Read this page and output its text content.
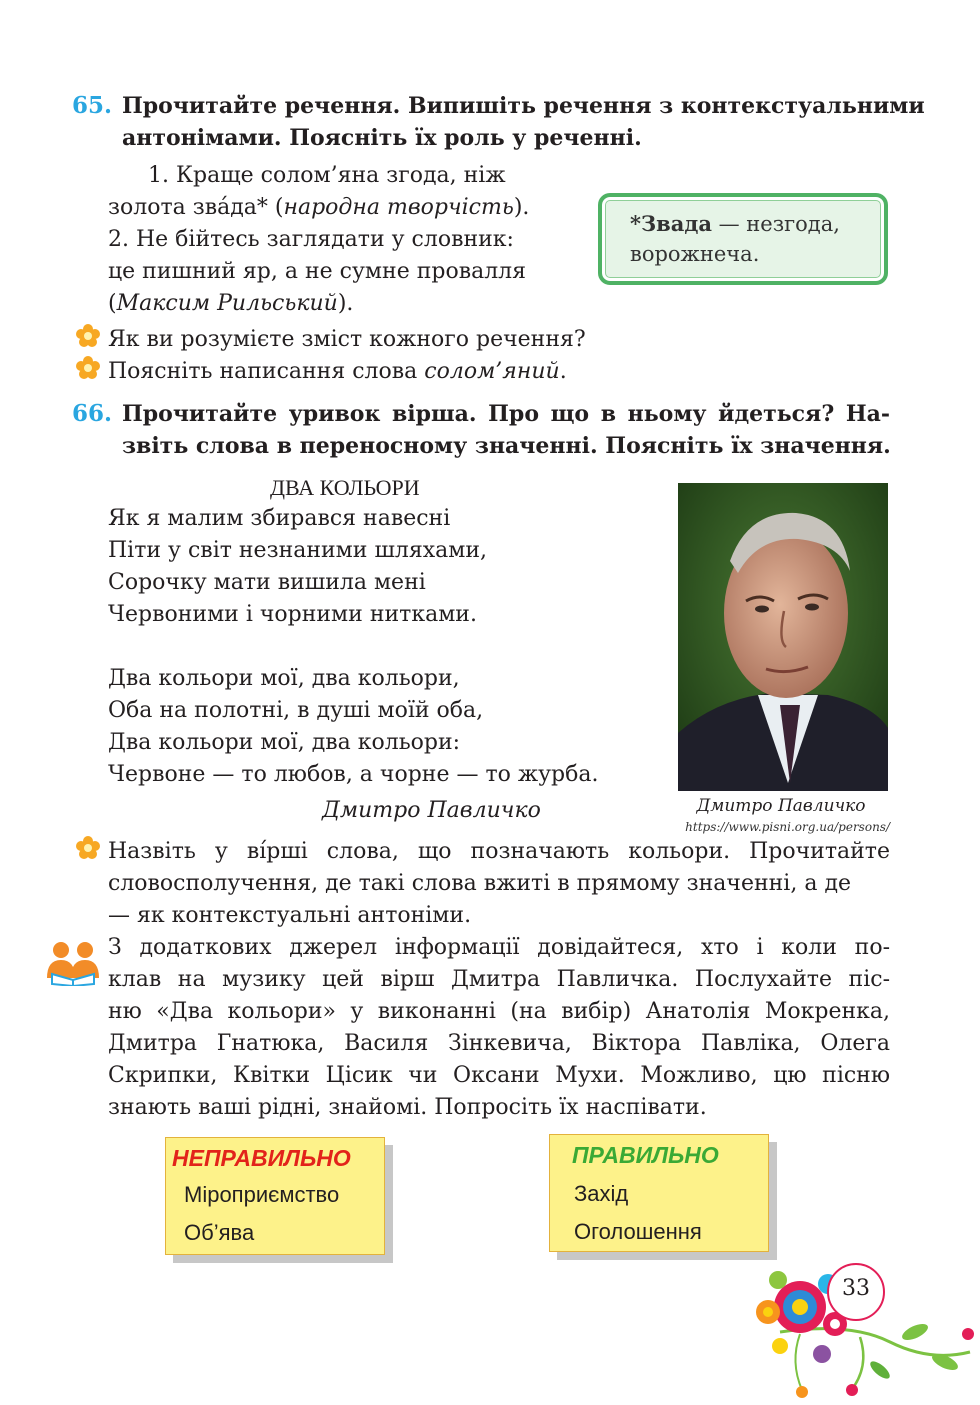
65. Прочитайте речення. Випишіть речення з контекстуальними
антонімами. Поясніть їх роль у реченні.
1. Краще солом’яна згода, ніж
золота зва́да* (народна творчість).
2. Не бійтесь заглядати у словник:
це пишний яр, а не сумне провалля
(Максим Рильський).
*Звада — незгода,
ворожнеча.
Як ви розумієте зміст кожного речення?
Поясніть написання слова солом’яний.
66. Прочитайте уривок вірша. Про що в ньому йдеться? На-
звіть слова в переносному значенні. Поясніть їх значення.
ДВА КОЛЬОРИ
Як я малим збирався навесні
Піти у світ незнаними шляхами,
Сорочку мати вишила мені
Червоними і чорними нитками.
Два кольори мої, два кольори,
Оба на полотні, в душі моїй оба,
Два кольори мої, два кольори:
Червоне — то любов, а чорне — то журба.
Дмитро Павличко	Дмитро Павличко
https://www.pisni.org.ua/persons/
Назвіть у ві́рші слова, що позначають кольори. Прочитайте
словосполучення, де такі слова вжиті в прямому значенні, а де
— як контекстуальні антоніми.
З додаткових джерел інформації довідайтеся, хто і коли по-
клав на музику цей вірш Дмитра Павличка. Послухайте піс-
ню «Два кольори» у виконанні (на вибір) Анатолія Мокренка,
Дмитра Гнатюка, Василя Зінкевича, Віктора Павліка, Олега
Скрипки, Квітки Цісик чи Оксани Мухи. Можливо, цю пісню
знають ваші рідні, знайомі. Попросіть їх наспівати.
НЕПРАВИЛЬНО
Міроприємство
Об’ява
ПРАВИЛЬНО
Захід
Оголошення
33
